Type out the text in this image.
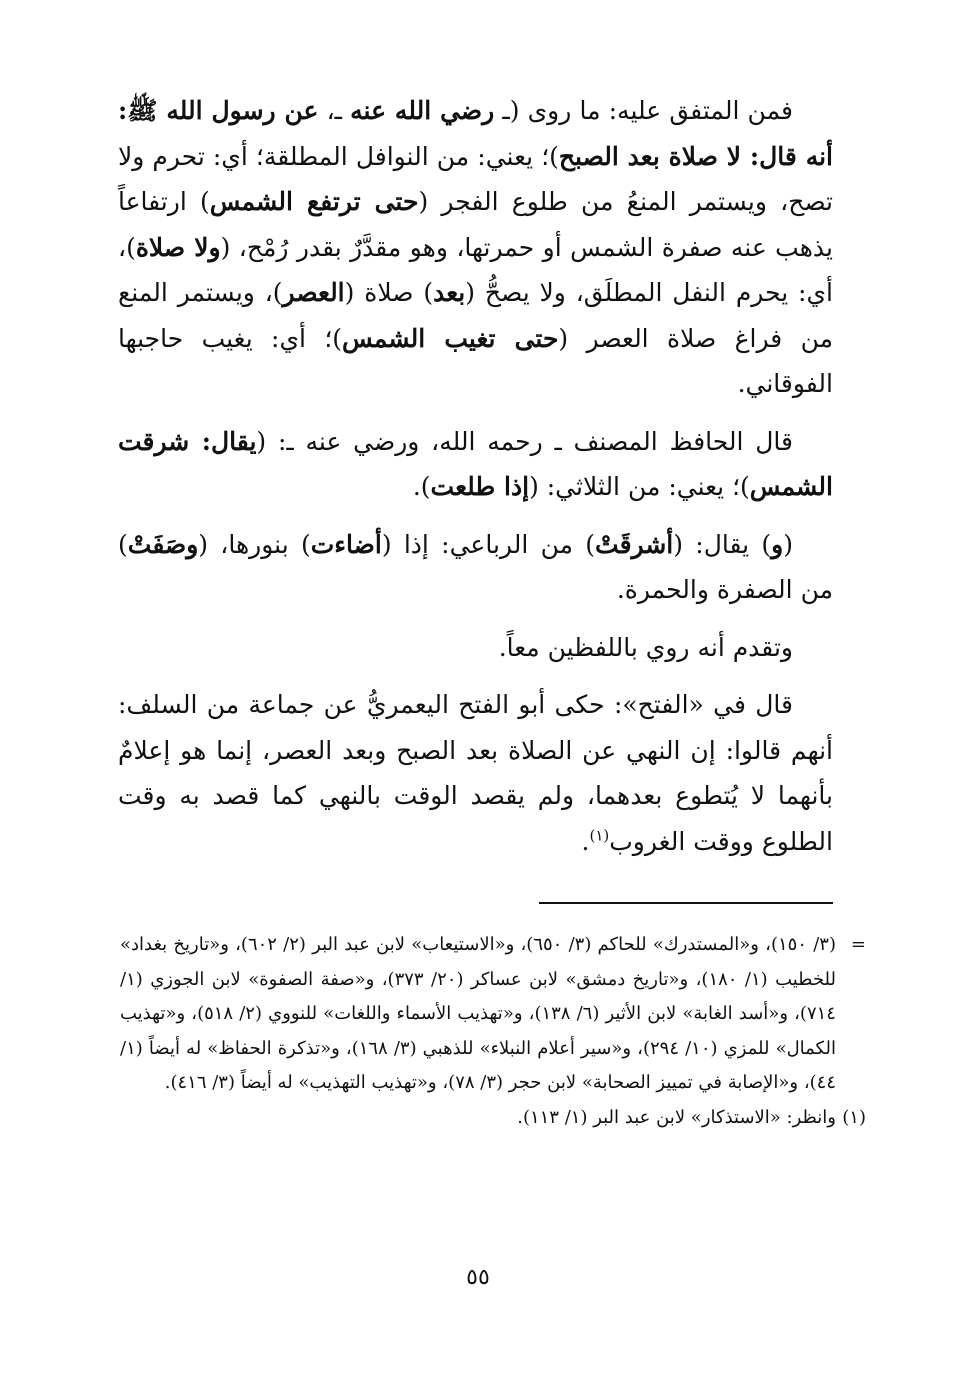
فمن المتفق عليه: ما روى (ـ رضي الله عنه ـ، عن رسول الله ﷺ: أنه قال: لا صلاة بعد الصبح)؛ يعني: من النوافل المطلقة؛ أي: تحرم ولا تصح، ويستمر المنعُ من طلوع الفجر (حتى ترتفع الشمس) ارتفاعاً يذهب عنه صفرة الشمس أو حمرتها، وهو مقدَّرٌ بقدر رُمْح، (ولا صلاة)، أي: يحرم النفل المطلَق، ولا يصحُّ (بعد) صلاة (العصر)، ويستمر المنع من فراغ صلاة العصر (حتى تغيب الشمس)؛ أي: يغيب حاجبها الفوقاني.

قال الحافظ المصنف ـ رحمه الله، ورضي عنه ـ: (يقال: شرقت الشمس)؛ يعني: من الثلاثي: (إذا طلعت).

(و) يقال: (أشرقَتْ) من الرباعي: إذا (أضاءت) بنورها، (وصَفَتْ) من الصفرة والحمرة.

وتقدم أنه روي باللفظين معاً.

قال في «الفتح»: حكى أبو الفتح اليعمريُّ عن جماعة من السلف: أنهم قالوا: إن النهي عن الصلاة بعد الصبح وبعد العصر، إنما هو إعلامٌ بأنهما لا يُتطوع بعدهما، ولم يقصد الوقت بالنهي كما قصد به وقت الطلوع ووقت الغروب$^{(١)}$.

=
(٣/ ١٥٠)، و«المستدرك» للحاكم (٣/ ٦٥٠)، و«الاستيعاب» لابن عبد البر (٢/ ٦٠٢)، و«تاريخ بغداد» للخطيب (١/ ١٨٠)، و«تاريخ دمشق» لابن عساكر (٢٠/ ٣٧٣)، و«صفة الصفوة» لابن الجوزي (١/ ٧١٤)، و«أسد الغابة» لابن الأثير (٦/ ١٣٨)، و«تهذيب الأسماء واللغات» للنووي (٢/ ٥١٨)، و«تهذيب الكمال» للمزي (١٠/ ٢٩٤)، و«سير أعلام النبلاء» للذهبي (٣/ ١٦٨)، و«تذكرة الحفاظ» له أيضاً (١/ ٤٤)، و«الإصابة في تمييز الصحابة» لابن حجر (٣/ ٧٨)، و«تهذيب التهذيب» له أيضاً (٣/ ٤١٦).
(١)
وانظر: «الاستذكار» لابن عبد البر (١/ ١١٣).
٥٥
